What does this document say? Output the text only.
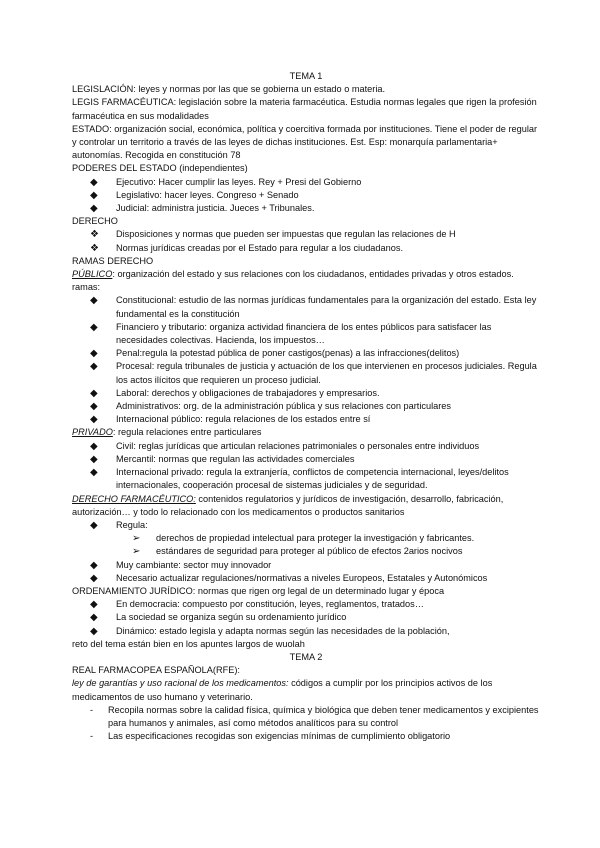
TEMA 1
LEGISLACIÓN: leyes y normas por las que se gobierna un estado o materia.
LEGIS FARMACÉUTICA: legislación sobre la materia farmacéutica. Estudia normas legales que rigen la profesión farmacéutica en sus modalidades
ESTADO: organización social, económica, política y coercitiva formada por instituciones. Tiene el poder de regular y controlar un territorio a través de las leyes de dichas instituciones. Est. Esp: monarquía parlamentaria+ autonomías. Recogida en constitución 78
PODERES DEL ESTADO (independientes)
◆ Ejecutivo: Hacer cumplir las leyes. Rey + Presi del Gobierno
◆ Legislativo: hacer leyes. Congreso + Senado
◆ Judicial: administra justicia. Jueces + Tribunales.
DERECHO
❖ Disposiciones y normas que pueden ser impuestas que regulan las relaciones de H
❖ Normas jurídicas creadas por el Estado para regular a los ciudadanos.
RAMAS DERECHO
PÚBLICO: organización del estado y sus relaciones con los ciudadanos, entidades privadas y otros estados. ramas:
◆ Constitucional: estudio de las normas jurídicas fundamentales para la organización del estado. Esta ley fundamental es la constitución
◆ Financiero y tributario: organiza actividad financiera de los entes públicos para satisfacer las necesidades colectivas. Hacienda, los impuestos…
◆ Penal:regula la potestad pública de poner castigos(penas) a las infracciones(delitos)
◆ Procesal: regula tribunales de justicia y actuación de los que intervienen en procesos judiciales. Regula los actos ilícitos que requieren un proceso judicial.
◆ Laboral: derechos y obligaciones de trabajadores y empresarios.
◆ Administrativos: org. de la administración pública y sus relaciones con particulares
◆ Internacional público: regula relaciones de los estados entre sí
PRIVADO: regula relaciones entre particulares
◆ Civil: reglas jurídicas que articulan relaciones patrimoniales o personales entre individuos
◆ Mercantil: normas que regulan las actividades comerciales
◆ Internacional privado: regula la extranjería, conflictos de competencia internacional, leyes/delitos internacionales, cooperación procesal de sistemas judiciales y de seguridad.
DERECHO FARMACÉUTICO: contenidos regulatorios y jurídicos de investigación, desarrollo, fabricación, autorización… y todo lo relacionado con los medicamentos o productos sanitarios
◆ Regula:
➢ derechos de propiedad intelectual para proteger la investigación y fabricantes.
➢ estándares de seguridad para proteger al público de efectos 2arios nocivos
◆ Muy cambiante: sector muy innovador
◆ Necesario actualizar regulaciones/normativas a niveles Europeos, Estatales y Autonómicos
ORDENAMIENTO JURÍDICO: normas que rigen org legal de un determinado lugar y época
◆ En democracia: compuesto por constitución, leyes, reglamentos, tratados…
◆ La sociedad se organiza según su ordenamiento jurídico
◆ Dinámico: estado legisla y adapta normas según las necesidades de la población,
reto del tema están bien en los apuntes largos de wuolah
TEMA 2
REAL FARMACOPEA ESPAÑOLA(RFE):
ley de garantías y uso racional de los medicamentos: códigos a cumplir por los principios activos de los medicamentos de uso humano y veterinario.
- Recopila normas sobre la calidad física, química y biológica que deben tener medicamentos y excipientes para humanos y animales, así como métodos analíticos para su control
- Las especificaciones recogidas son exigencias mínimas de cumplimiento obligatorio
